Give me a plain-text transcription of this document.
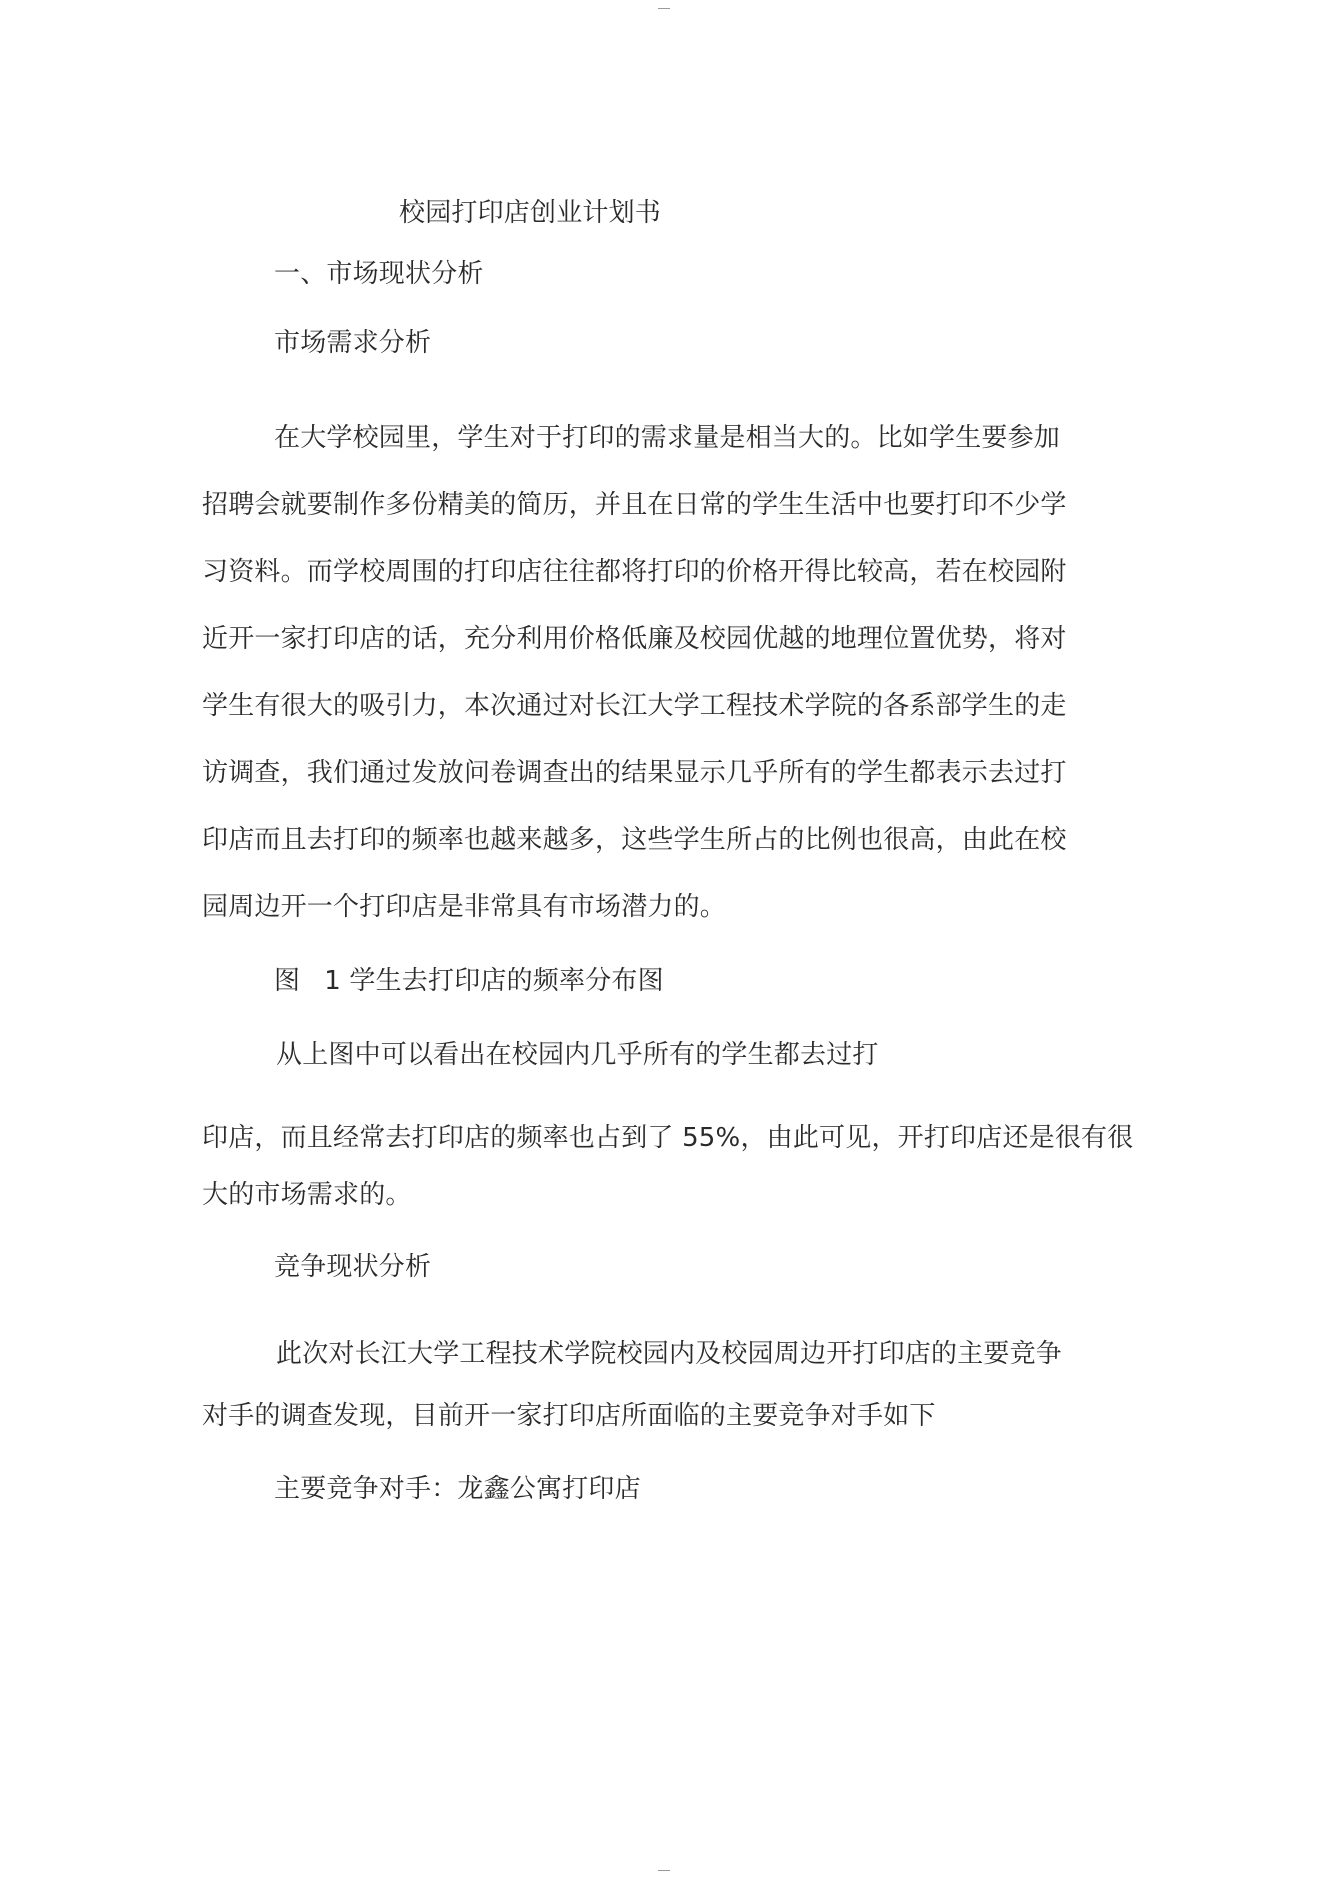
校园打印店创业计划书
一、市场现状分析
市场需求分析
在大学校园里，学生对于打印的需求量是相当大的。比如学生要参加
招聘会就要制作多份精美的简历，并且在日常的学生生活中也要打印不少学
习资料。而学校周围的打印店往往都将打印的价格开得比较高，若在校园附
近开一家打印店的话，充分利用价格低廉及校园优越的地理位置优势，将对
学生有很大的吸引力，本次通过对长江大学工程技术学院的各系部学生的走
访调查，我们通过发放问卷调查出的结果显示几乎所有的学生都表示去过打
印店而且去打印的频率也越来越多，这些学生所占的比例也很高，由此在校
园周边开一个打印店是非常具有市场潜力的。
图 1 学生去打印店的频率分布图
从上图中可以看出在校园内几乎所有的学生都去过打
印店，而且经常去打印店的频率也占到了 55%，由此可见，开打印店还是很有很
大的市场需求的。
竞争现状分析
此次对长江大学工程技术学院校园内及校园周边开打印店的主要竞争
对手的调查发现，目前开一家打印店所面临的主要竞争对手如下
主要竞争对手：龙鑫公寓打印店
